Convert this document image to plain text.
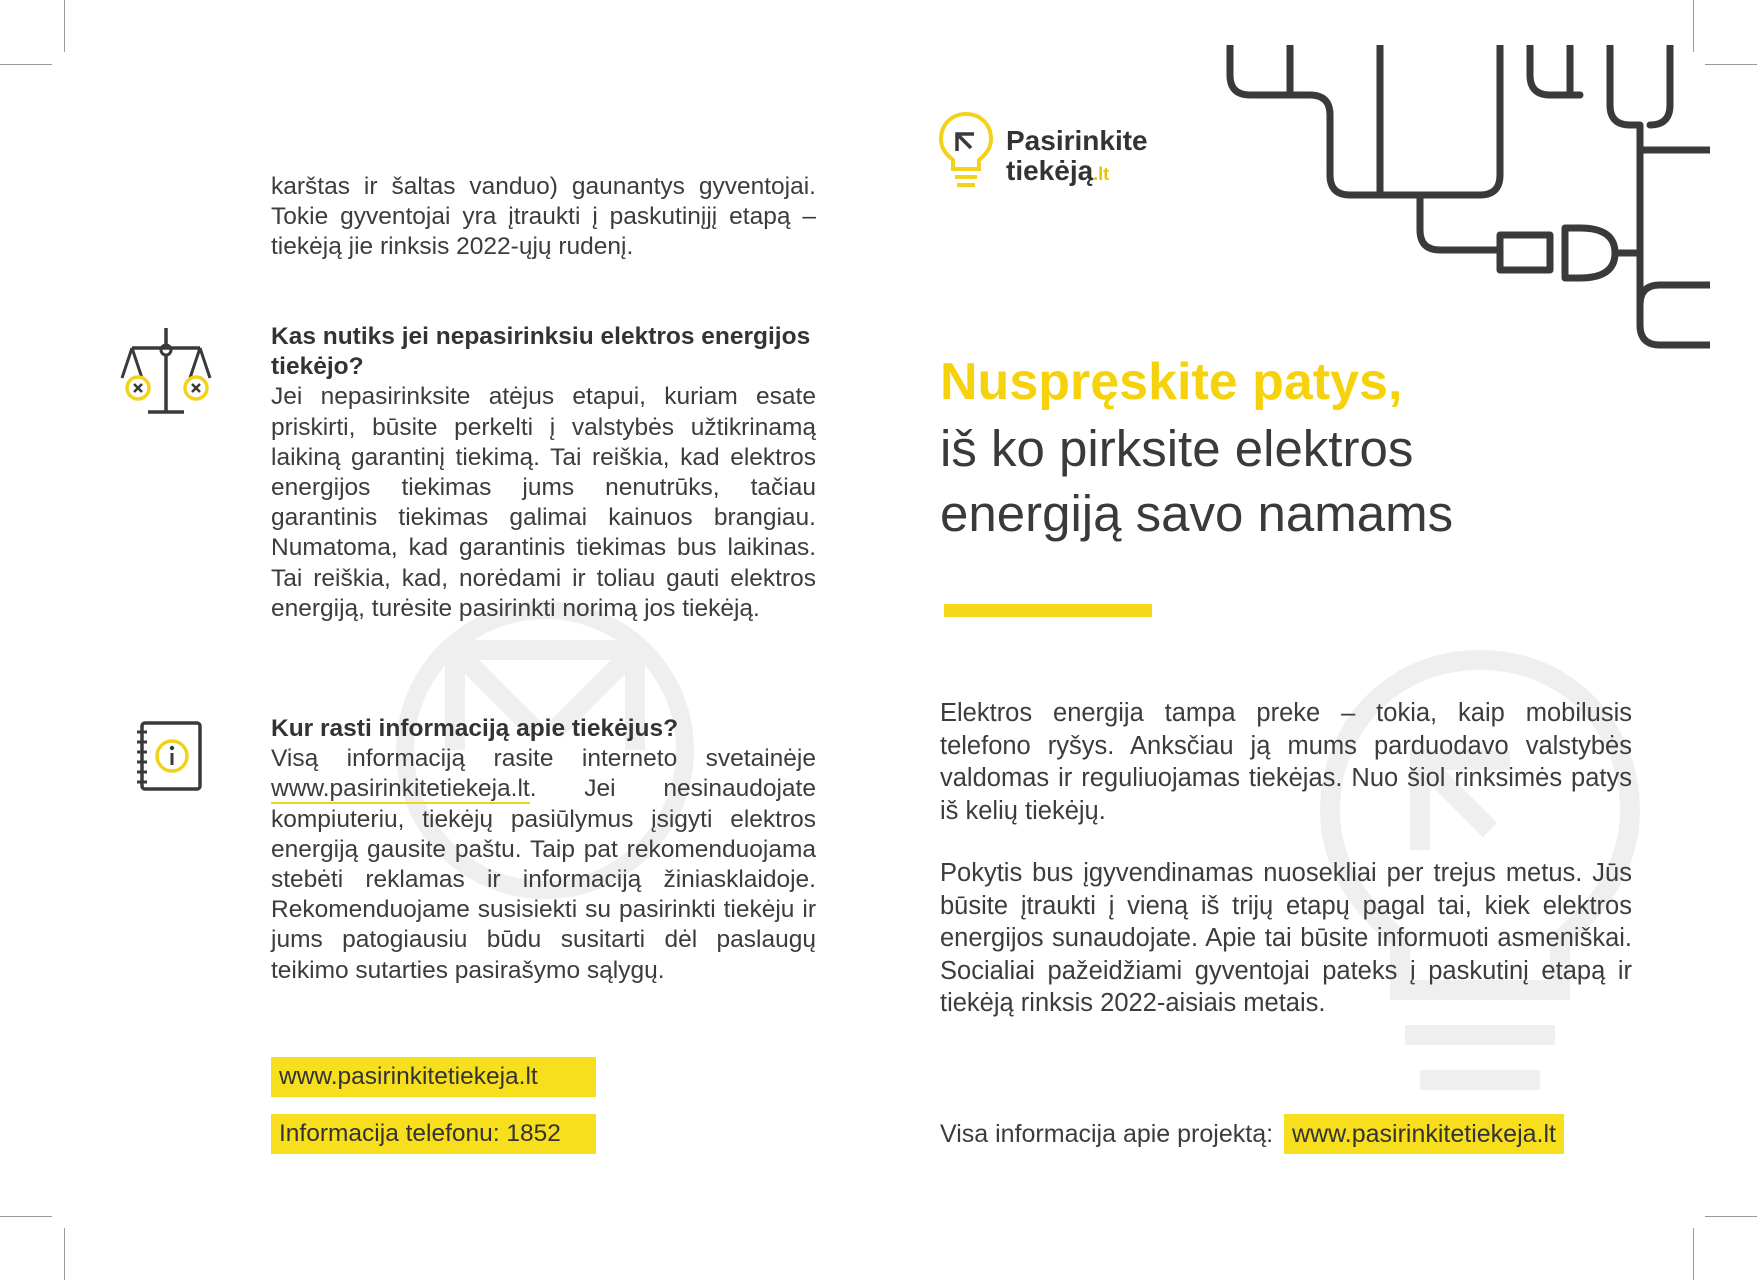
karštas ir šaltas vanduo) gaunantys gyventojai. Tokie gyventojai yra įtraukti į paskutinįjį etapą – tiekėją jie rinksis 2022-ųjų rudenį.
Kas nutiks jei nepasirinksiu elektros energijos tiekėjo?
Jei nepasirinksite atėjus etapui, kuriam esate priskirti, būsite perkelti į valstybės užtikrinamą laikiną garantinį tiekimą. Tai reiškia, kad elektros energijos tiekimas jums nenutrūks, tačiau garantinis tiekimas galimai kainuos brangiau. Numatoma, kad garantinis tiekimas bus laikinas. Tai reiškia, kad, norėdami ir toliau gauti elektros energiją, turėsite pasirinkti norimą jos tiekėją.
Kur rasti informaciją apie tiekėjus?
Visą informaciją rasite interneto svetainėje www.pasirinkitetiekeja.lt. Jei nesinaudojate kompiuteriu, tiekėjų pasiūlymus įsigyti elektros energiją gausite paštu. Taip pat rekomenduojama stebėti reklamas ir informaciją žiniasklaidoje. Rekomenduojame susisiekti su pasirinkti tiekėju ir jums patogiausiu būdu susitarti dėl paslaugų teikimo sutarties pasirašymo sąlygų.
www.pasirinkitetiekeja.lt
Informacija telefonu: 1852
Pasirinkite
tiekėją.lt
Nuspręskite patys,
iš ko pirksite elektros
energiją savo namams
Elektros energija tampa preke – tokia, kaip mobilusis telefono ryšys. Anksčiau ją mums parduodavo valstybės valdomas ir reguliuojamas tiekėjas. Nuo šiol rinksimės patys iš kelių tiekėjų.
Pokytis bus įgyvendinamas nuosekliai per trejus metus. Jūs būsite įtraukti į vieną iš trijų etapų pagal tai, kiek elektros energijos sunaudojate. Apie tai būsite informuoti asmeniškai. Socialiai pažeidžiami gyventojai pateks į paskutinį etapą ir tiekėją rinksis 2022-aisiais metais.
Visa informacija apie projektą: www.pasirinkitetiekeja.lt
